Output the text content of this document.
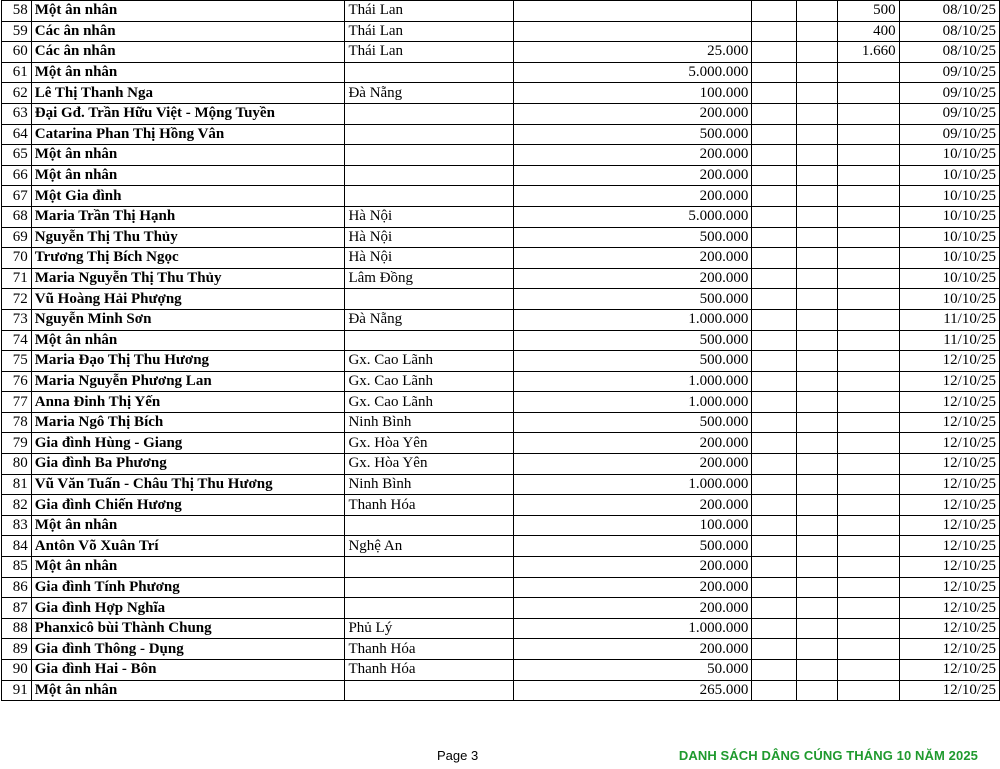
58	Một ân nhân	Thái Lan				500	08/10/25
59	Các ân nhân	Thái Lan				400	08/10/25
60	Các ân nhân	Thái Lan	25.000			1.660	08/10/25
61	Một ân nhân		5.000.000				09/10/25
62	Lê Thị Thanh Nga	Đà Nẵng	100.000				09/10/25
63	Đại Gđ. Trần Hữu Việt - Mộng Tuyền		200.000				09/10/25
64	Catarina Phan Thị Hồng Vân		500.000				09/10/25
65	Một ân nhân		200.000				10/10/25
66	Một ân nhân		200.000				10/10/25
67	Một Gia đình		200.000				10/10/25
68	Maria Trần Thị Hạnh	Hà Nội	5.000.000				10/10/25
69	Nguyễn Thị Thu Thủy	Hà Nội	500.000				10/10/25
70	Trương Thị Bích Ngọc	Hà Nội	200.000				10/10/25
71	Maria Nguyễn Thị Thu Thủy	Lâm Đồng	200.000				10/10/25
72	Vũ Hoàng Hải Phượng		500.000				10/10/25
73	Nguyễn Minh Sơn	Đà Nẵng	1.000.000				11/10/25
74	Một ân nhân		500.000				11/10/25
75	Maria Đạo Thị Thu Hương	Gx. Cao Lãnh	500.000				12/10/25
76	Maria Nguyễn Phương Lan	Gx. Cao Lãnh	1.000.000				12/10/25
77	Anna Đinh Thị Yến	Gx. Cao Lãnh	1.000.000				12/10/25
78	Maria Ngô Thị Bích	Ninh Bình	500.000				12/10/25
79	Gia đình Hùng - Giang	Gx. Hòa Yên	200.000				12/10/25
80	Gia đình Ba Phương	Gx. Hòa Yên	200.000				12/10/25
81	Vũ Văn Tuấn - Châu Thị Thu Hương	Ninh Bình	1.000.000				12/10/25
82	Gia đình Chiến Hương	Thanh Hóa	200.000				12/10/25
83	Một ân nhân		100.000				12/10/25
84	Antôn Võ Xuân Trí	Nghệ An	500.000				12/10/25
85	Một ân nhân		200.000				12/10/25
86	Gia đình Tính Phương		200.000				12/10/25
87	Gia đình Hợp Nghĩa		200.000				12/10/25
88	Phanxicô bùi Thành Chung	Phủ Lý	1.000.000				12/10/25
89	Gia đình Thông - Dụng	Thanh Hóa	200.000				12/10/25
90	Gia đình Hai - Bôn	Thanh Hóa	50.000				12/10/25
91	Một ân nhân		265.000				12/10/25
Page 3	DANH SÁCH DÂNG CÚNG THÁNG 10 NĂM 2025
